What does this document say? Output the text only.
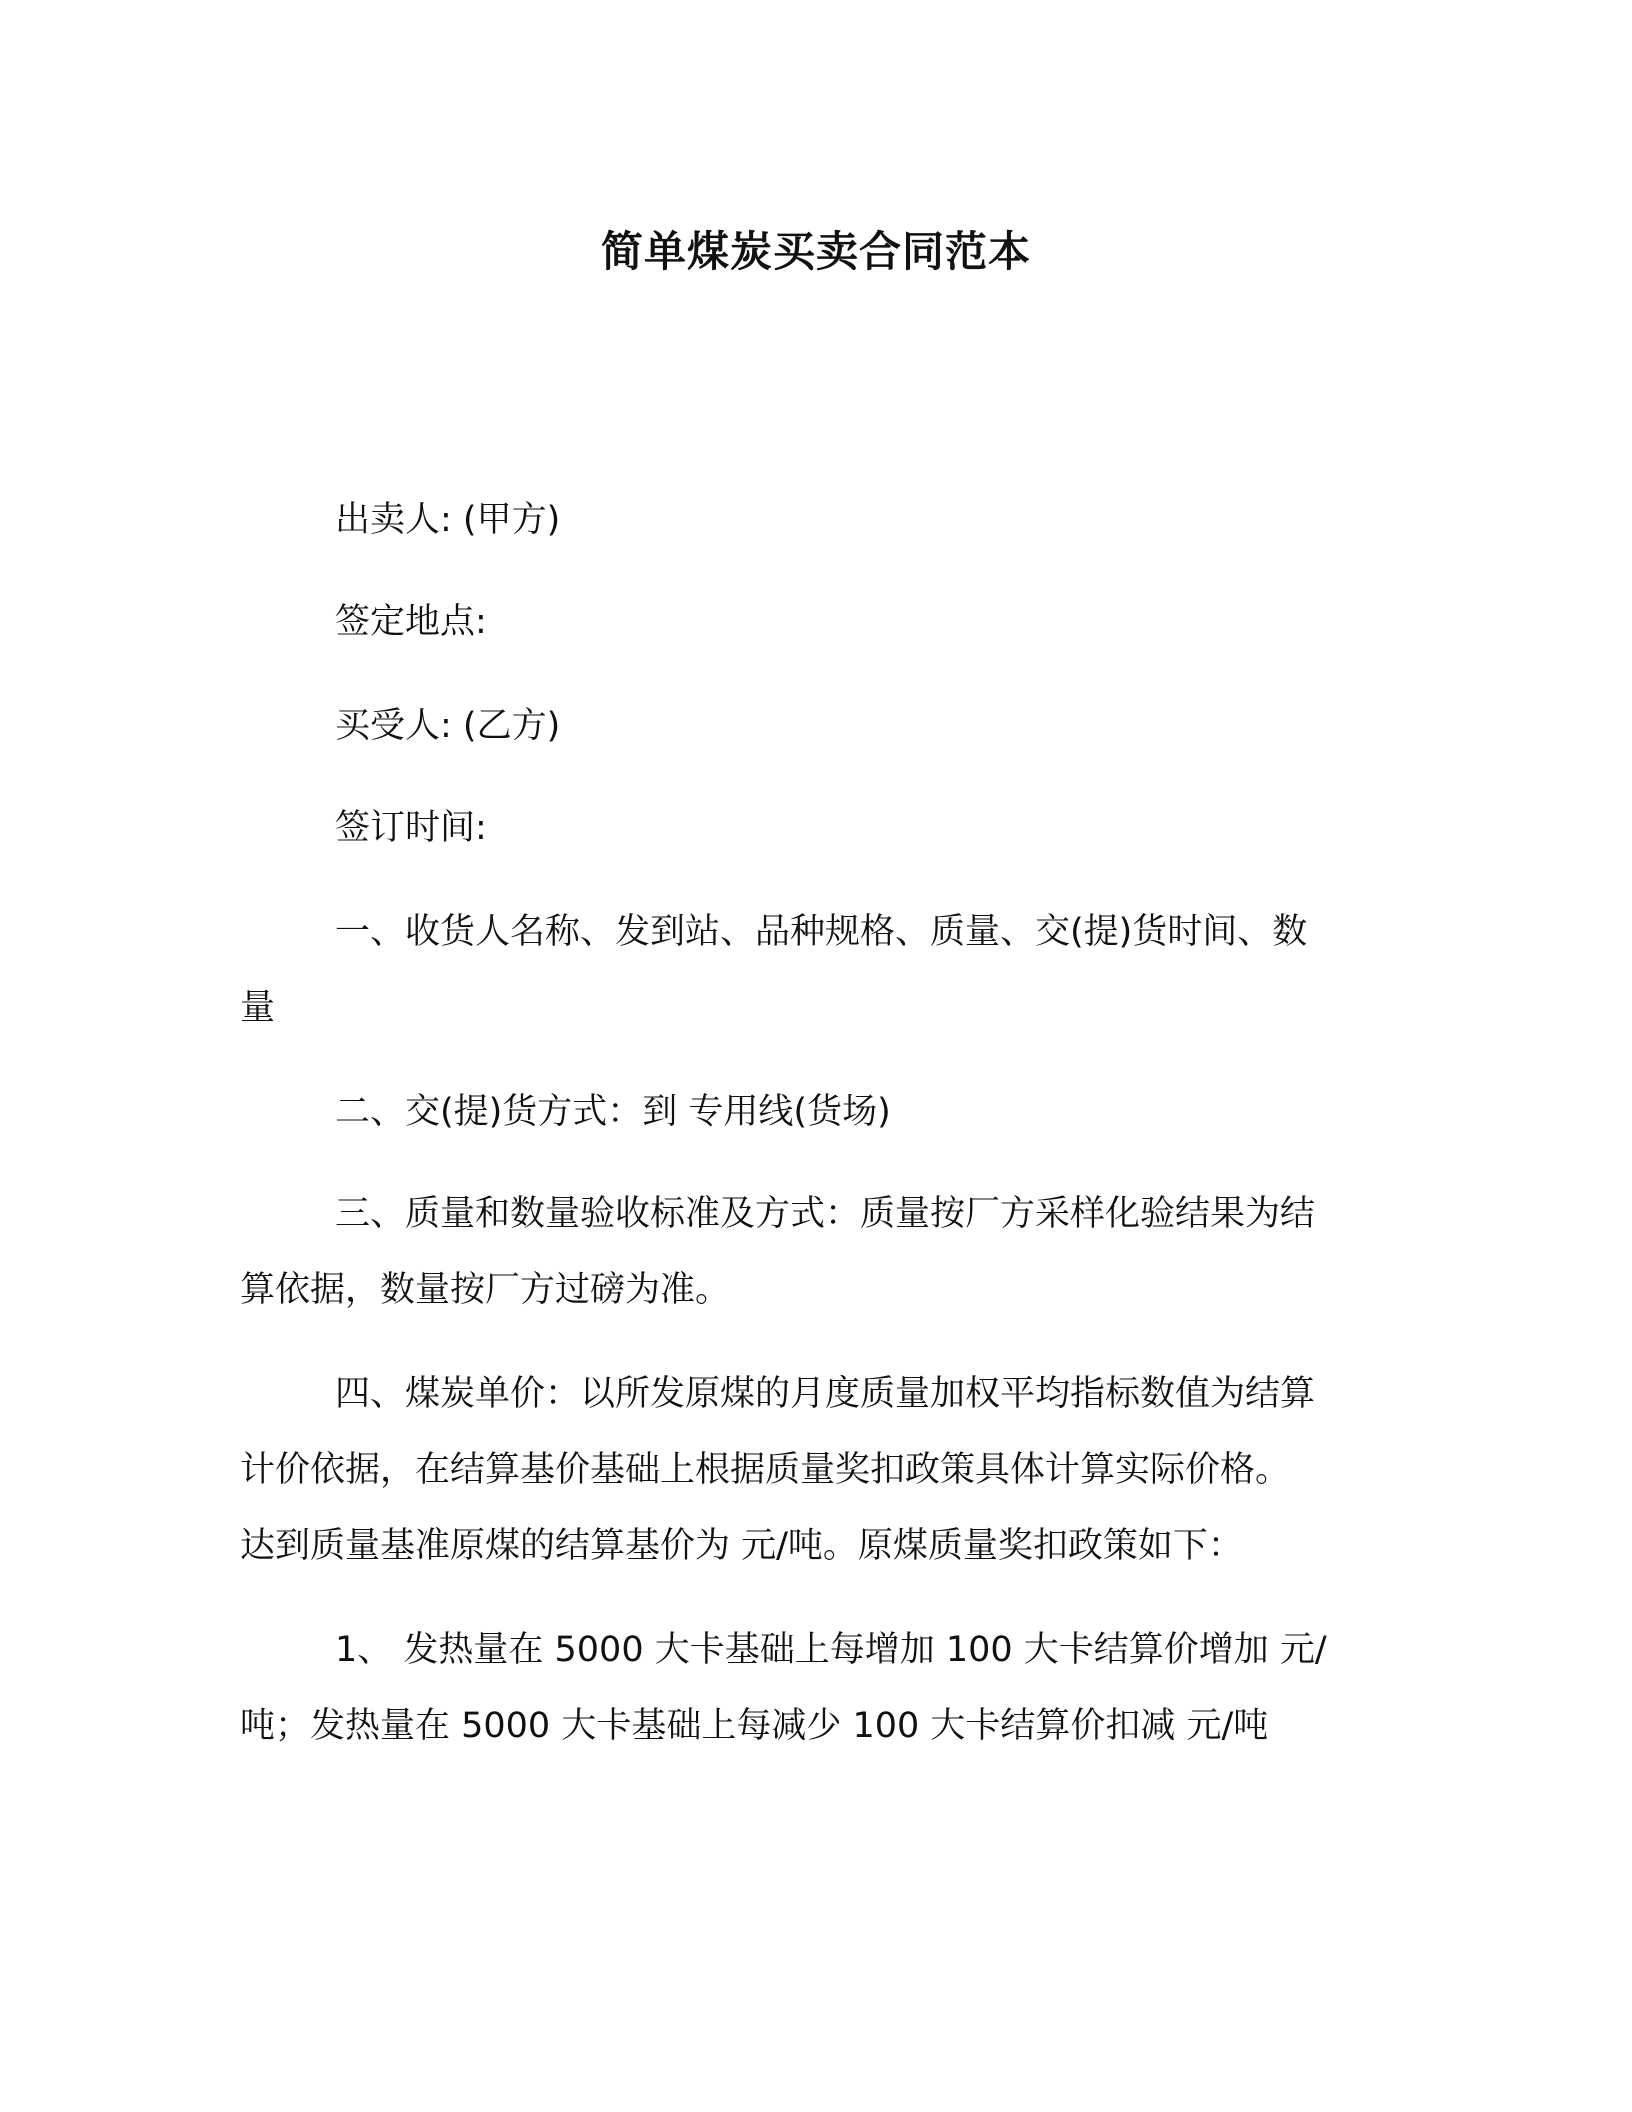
简单煤炭买卖合同范本

出卖人: (甲方)

签定地点:

买受人: (乙方)

签订时间:

一、收货人名称、发到站、品种规格、质量、交(提)货时间、数

量

二、交(提)货方式：到 专用线(货场)

三、质量和数量验收标准及方式：质量按厂方采样化验结果为结

算依据，数量按厂方过磅为准。

四、煤炭单价：以所发原煤的月度质量加权平均指标数值为结算

计价依据，在结算基价基础上根据质量奖扣政策具体计算实际价格。

达到质量基准原煤的结算基价为 元/吨。原煤质量奖扣政策如下：

1、 发热量在 5000 大卡基础上每增加 100 大卡结算价增加 元/

吨；发热量在 5000 大卡基础上每减少 100 大卡结算价扣减 元/吨
